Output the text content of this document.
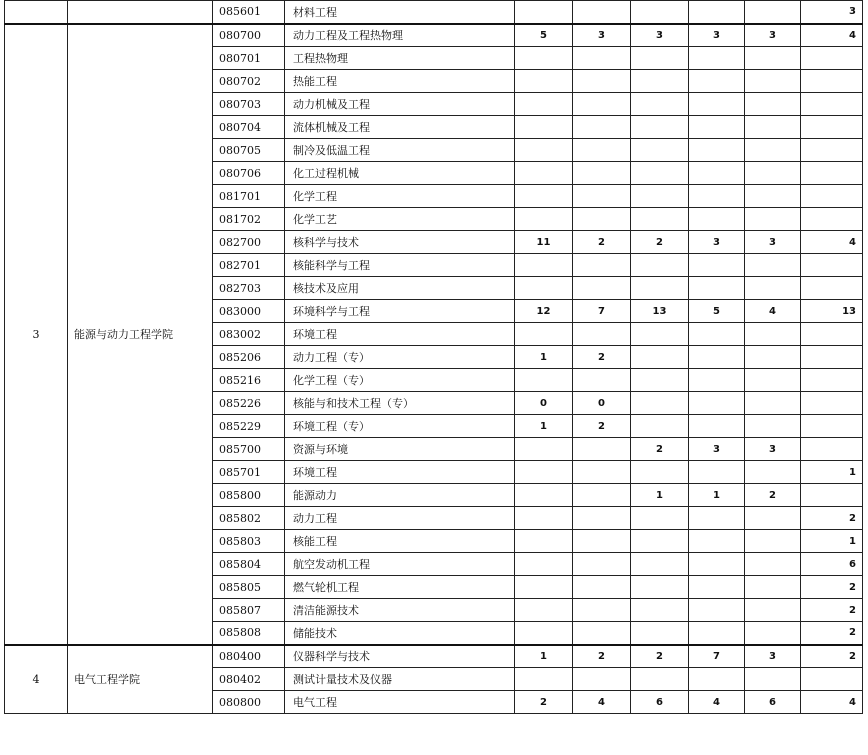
		085601	材料工程						3
3	能源与动力工程学院	080700	动力工程及工程热物理	5	3	3	3	3	4
		080701	工程热物理						
		080702	热能工程						
		080703	动力机械及工程						
		080704	流体机械及工程						
		080705	制冷及低温工程						
		080706	化工过程机械						
		081701	化学工程						
		081702	化学工艺						
		082700	核科学与技术	11	2	2	3	3	4
		082701	核能科学与工程						
		082703	核技术及应用						
		083000	环境科学与工程	12	7	13	5	4	13
		083002	环境工程						
		085206	动力工程（专）	1	2				
		085216	化学工程（专）						
		085226	核能与和技术工程（专）	0	0				
		085229	环境工程（专）	1	2				
		085700	资源与环境			2	3	3	
		085701	环境工程						1
		085800	能源动力			1	1	2	
		085802	动力工程						2
		085803	核能工程						1
		085804	航空发动机工程						6
		085805	燃气轮机工程						2
		085807	清洁能源技术						2
		085808	储能技术						2
4	电气工程学院	080400	仪器科学与技术	1	2	2	7	3	2
		080402	测试计量技术及仪器						
		080800	电气工程	2	4	6	4	6	4
